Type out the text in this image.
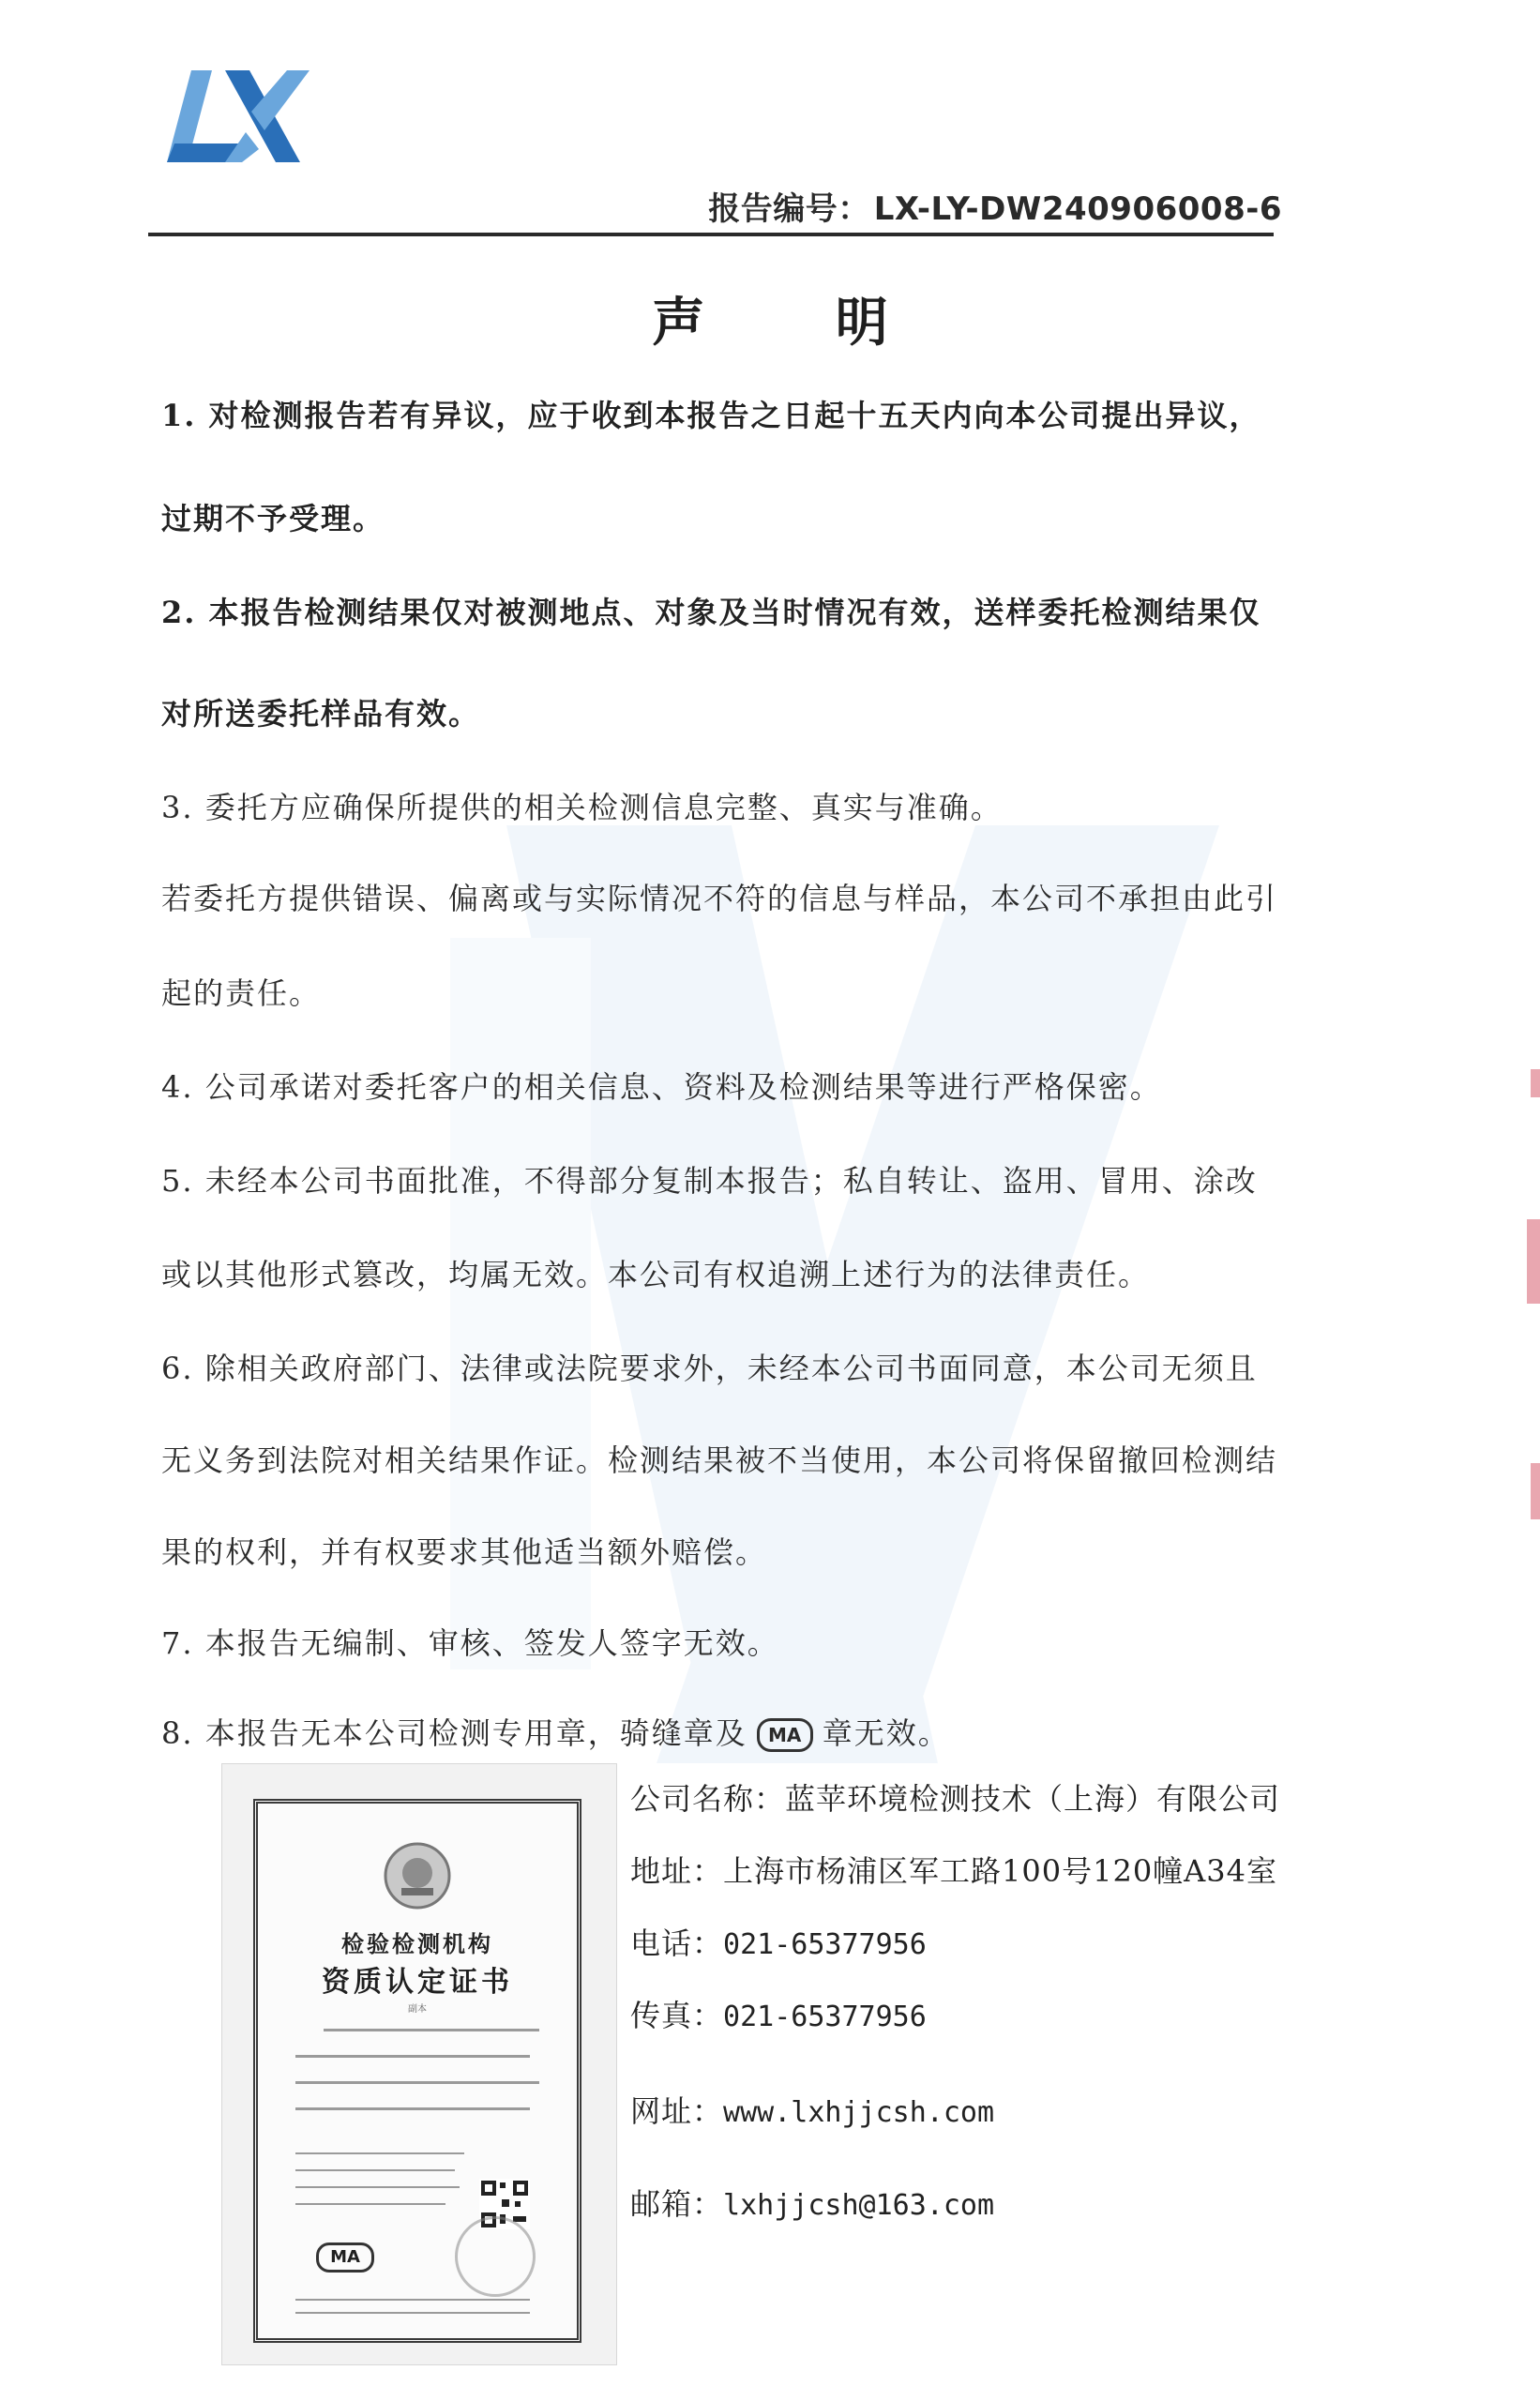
报告编号： LX-LY-DW240906008-6
声 明
1. 对检测报告若有异议，应于收到本报告之日起十五天内向本公司提出异议，
过期不予受理。
2. 本报告检测结果仅对被测地点、对象及当时情况有效，送样委托检测结果仅
对所送委托样品有效。
3. 委托方应确保所提供的相关检测信息完整、真实与准确。
若委托方提供错误、偏离或与实际情况不符的信息与样品，本公司不承担由此引
起的责任。
4. 公司承诺对委托客户的相关信息、资料及检测结果等进行严格保密。
5. 未经本公司书面批准，不得部分复制本报告；私自转让、盗用、冒用、涂改
或以其他形式篡改，均属无效。本公司有权追溯上述行为的法律责任。
6. 除相关政府部门、法律或法院要求外，未经本公司书面同意，本公司无须且
无义务到法院对相关结果作证。检测结果被不当使用，本公司将保留撤回检测结
果的权利，并有权要求其他适当额外赔偿。
7. 本报告无编制、审核、签发人签字无效。
8. 本报告无本公司检测专用章，骑缝章及 MA 章无效。
检验检测机构
资质认定证书
副本
MA
公司名称：蓝苹环境检测技术（上海）有限公司
地址：上海市杨浦区军工路100号120幢A34室
电话：021-65377956
传真：021-65377956
网址：www.lxhjjcsh.com
邮箱：lxhjjcsh@163.com
